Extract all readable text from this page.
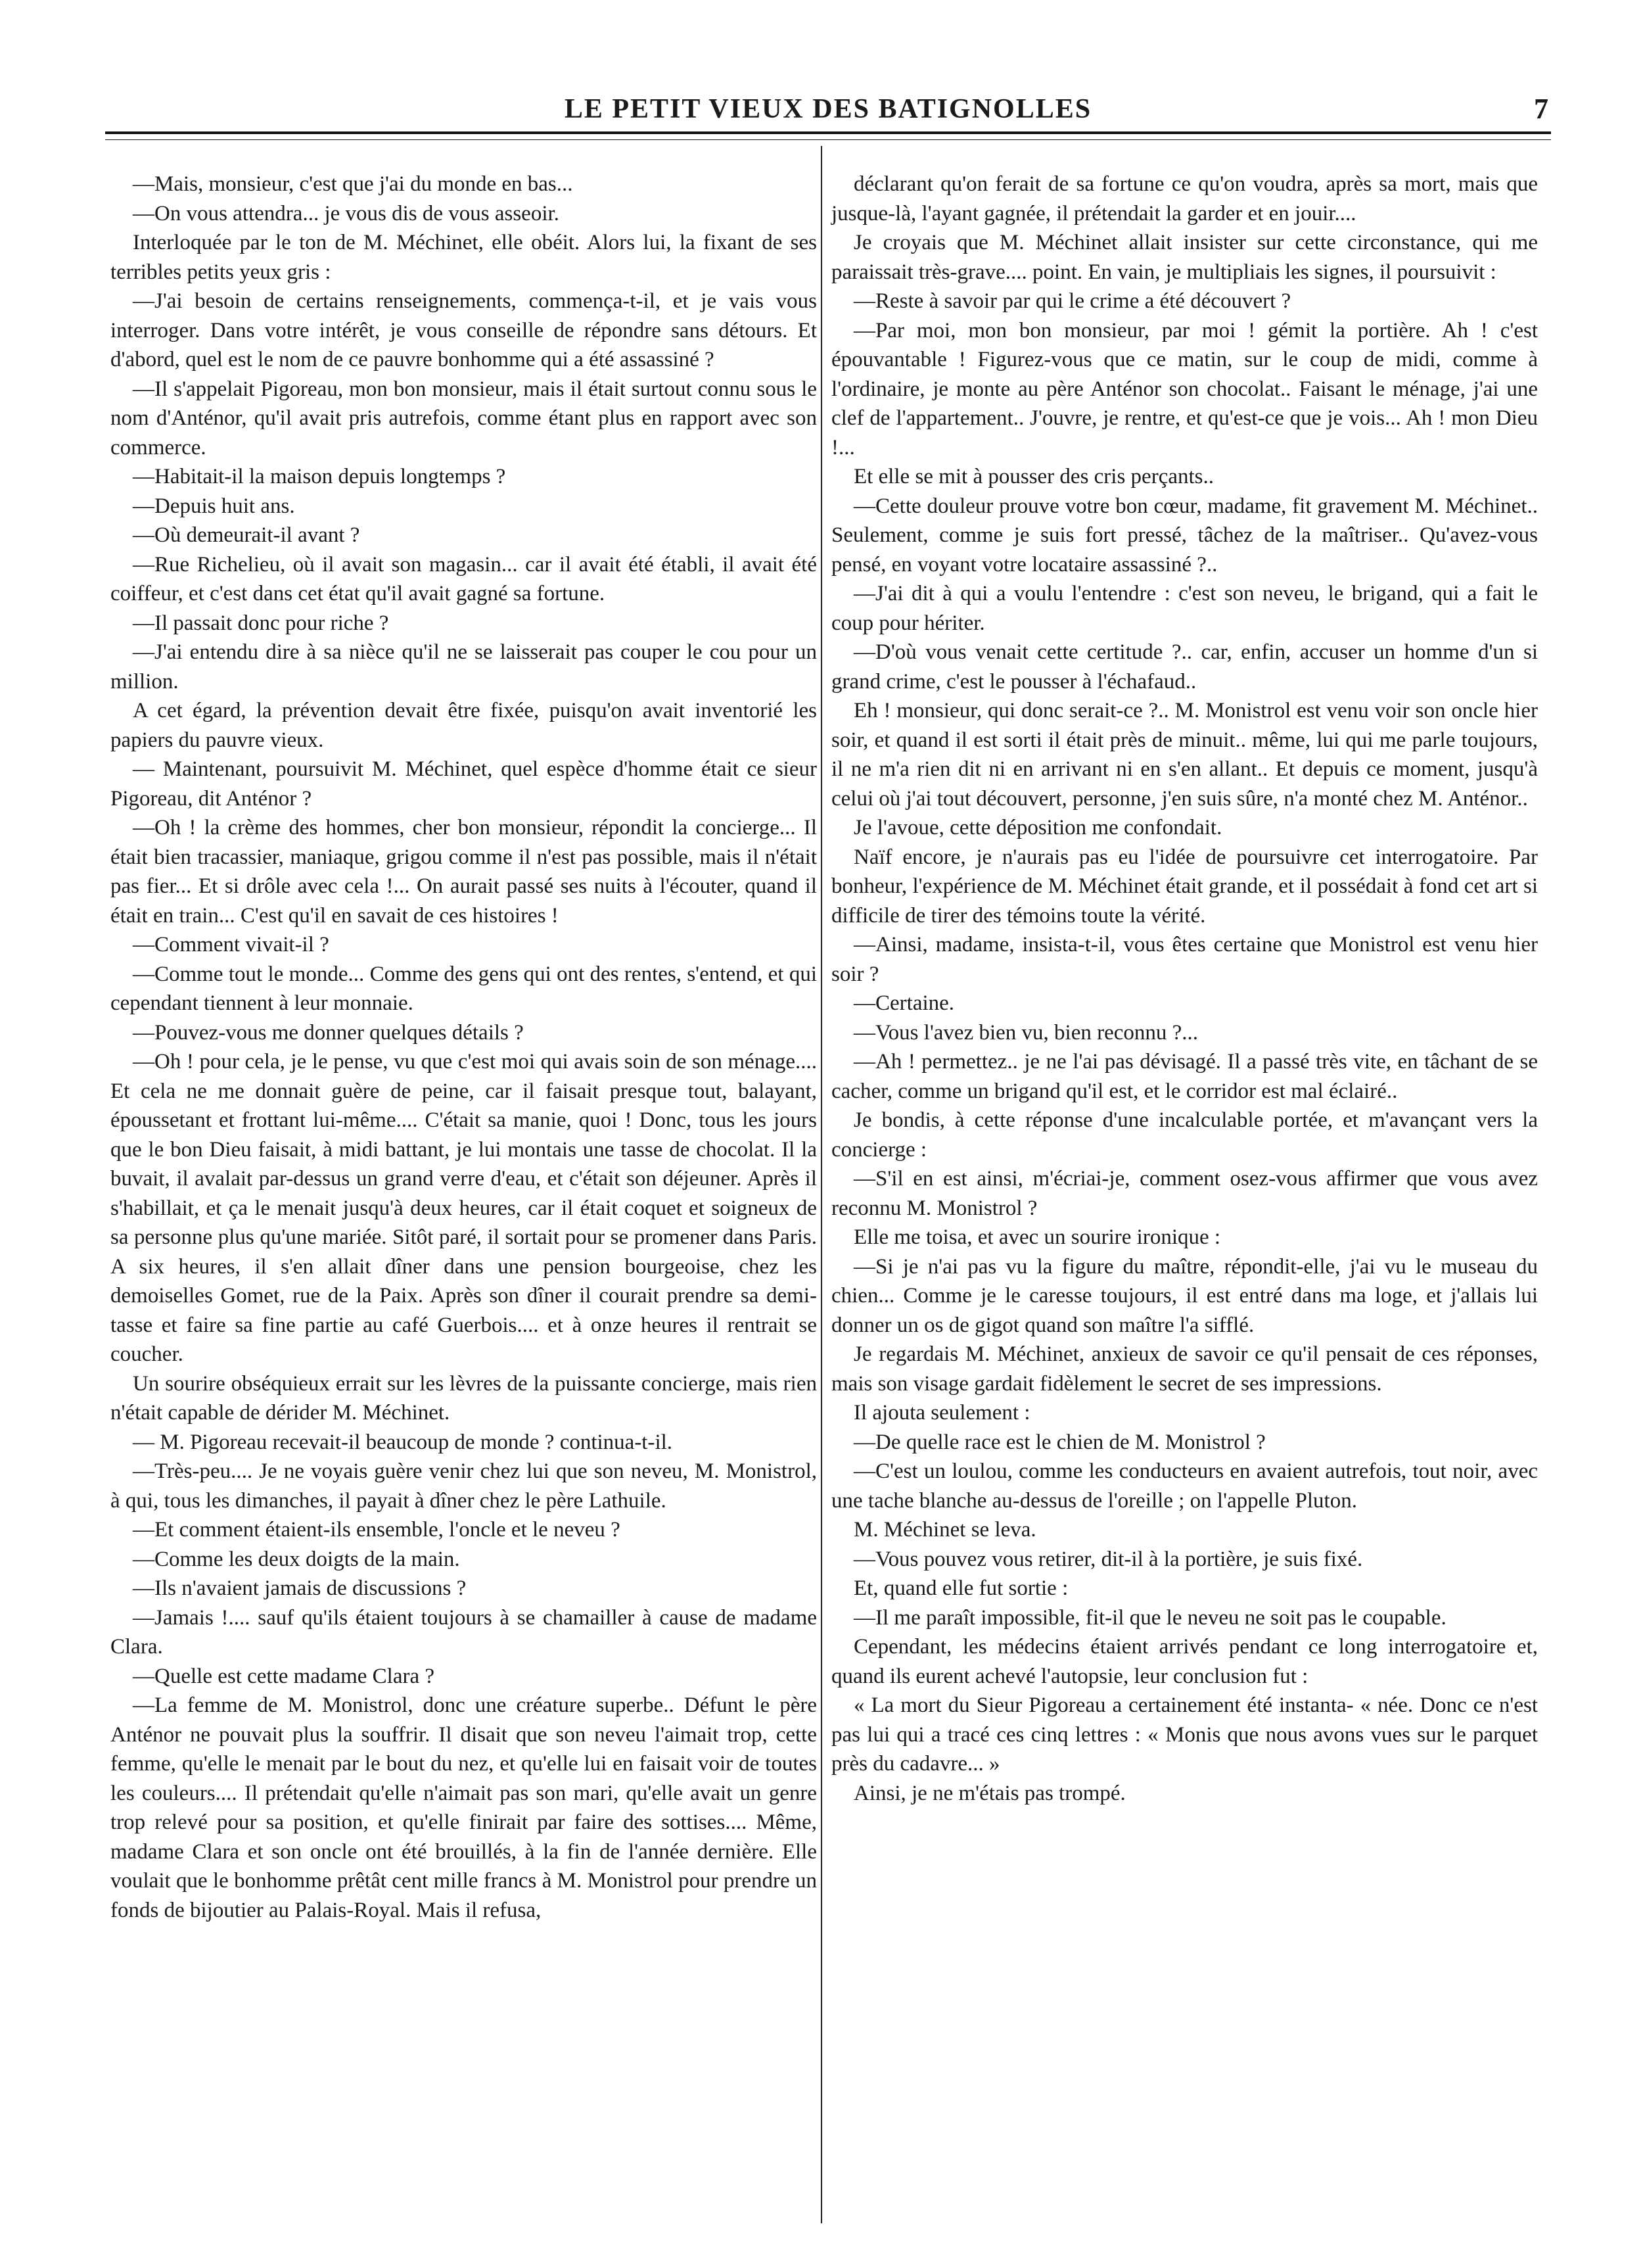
LE PETIT VIEUX DES BATIGNOLLES	7

—Mais, monsieur, c'est que j'ai du monde en bas...

—On vous attendra... je vous dis de vous asseoir.

Interloquée par le ton de M. Méchinet, elle obéit. Alors lui, la fixant de ses terribles petits yeux gris :

—J'ai besoin de certains renseignements, commença-t-il, et je vais vous interroger. Dans votre intérêt, je vous conseille de répondre sans détours. Et d'abord, quel est le nom de ce pauvre bonhomme qui a été assassiné ?

—Il s'appelait Pigoreau, mon bon monsieur, mais il était surtout connu sous le nom d'Anténor, qu'il avait pris autrefois, comme étant plus en rapport avec son commerce.

—Habitait-il la maison depuis longtemps ?

—Depuis huit ans.

—Où demeurait-il avant ?

—Rue Richelieu, où il avait son magasin... car il avait été établi, il avait été coiffeur, et c'est dans cet état qu'il avait gagné sa fortune.

—Il passait donc pour riche ?

—J'ai entendu dire à sa nièce qu'il ne se laisserait pas couper le cou pour un million.

A cet égard, la prévention devait être fixée, puisqu'on avait inventorié les papiers du pauvre vieux.

— Maintenant, poursuivit M. Méchinet, quel espèce d'homme était ce sieur Pigoreau, dit Anténor ?

—Oh ! la crème des hommes, cher bon monsieur, répondit la concierge... Il était bien tracassier, maniaque, grigou comme il n'est pas possible, mais il n'était pas fier... Et si drôle avec cela !... On aurait passé ses nuits à l'écouter, quand il était en train... C'est qu'il en savait de ces histoires !

—Comment vivait-il ?

—Comme tout le monde... Comme des gens qui ont des rentes, s'entend, et qui cependant tiennent à leur monnaie.

—Pouvez-vous me donner quelques détails ?

—Oh ! pour cela, je le pense, vu que c'est moi qui avais soin de son ménage.... Et cela ne me donnait guère de peine, car il faisait presque tout, balayant, époussetant et frottant lui-même.... C'était sa manie, quoi ! Donc, tous les jours que le bon Dieu faisait, à midi battant, je lui montais une tasse de chocolat. Il la buvait, il avalait par-dessus un grand verre d'eau, et c'était son déjeuner. Après il s'habillait, et ça le menait jusqu'à deux heures, car il était coquet et soigneux de sa personne plus qu'une mariée. Sitôt paré, il sortait pour se promener dans Paris. A six heures, il s'en allait dîner dans une pension bourgeoise, chez les demoiselles Gomet, rue de la Paix. Après son dîner il courait prendre sa demi-tasse et faire sa fine partie au café Guerbois.... et à onze heures il rentrait se coucher.

Un sourire obséquieux errait sur les lèvres de la puissante concierge, mais rien n'était capable de dérider M. Méchinet.

— M. Pigoreau recevait-il beaucoup de monde ? continua-t-il.

—Très-peu.... Je ne voyais guère venir chez lui que son neveu, M. Monistrol, à qui, tous les dimanches, il payait à dîner chez le père Lathuile.

—Et comment étaient-ils ensemble, l'oncle et le neveu ?

—Comme les deux doigts de la main.

—Ils n'avaient jamais de discussions ?

—Jamais !.... sauf qu'ils étaient toujours à se chamailler à cause de madame Clara.

—Quelle est cette madame Clara ?

—La femme de M. Monistrol, donc une créature superbe.. Défunt le père Anténor ne pouvait plus la souffrir. Il disait que son neveu l'aimait trop, cette femme, qu'elle le menait par le bout du nez, et qu'elle lui en faisait voir de toutes les couleurs.... Il prétendait qu'elle n'aimait pas son mari, qu'elle avait un genre trop relevé pour sa position, et qu'elle finirait par faire des sottises.... Même, madame Clara et son oncle ont été brouillés, à la fin de l'année dernière. Elle voulait que le bonhomme prêtât cent mille francs à M. Monistrol pour prendre un fonds de bijoutier au Palais-Royal. Mais il refusa,

déclarant qu'on ferait de sa fortune ce qu'on voudra, après sa mort, mais que jusque-là, l'ayant gagnée, il prétendait la garder et en jouir....

Je croyais que M. Méchinet allait insister sur cette circonstance, qui me paraissait très-grave.... point. En vain, je multipliais les signes, il poursuivit :

—Reste à savoir par qui le crime a été découvert ?

—Par moi, mon bon monsieur, par moi ! gémit la portière. Ah ! c'est épouvantable ! Figurez-vous que ce matin, sur le coup de midi, comme à l'ordinaire, je monte au père Anténor son chocolat.. Faisant le ménage, j'ai une clef de l'appartement.. J'ouvre, je rentre, et qu'est-ce que je vois... Ah ! mon Dieu !...

Et elle se mit à pousser des cris perçants..

—Cette douleur prouve votre bon cœur, madame, fit gravement M. Méchinet.. Seulement, comme je suis fort pressé, tâchez de la maîtriser.. Qu'avez-vous pensé, en voyant votre locataire assassiné ?..

—J'ai dit à qui a voulu l'entendre : c'est son neveu, le brigand, qui a fait le coup pour hériter.

—D'où vous venait cette certitude ?.. car, enfin, accuser un homme d'un si grand crime, c'est le pousser à l'échafaud..

Eh ! monsieur, qui donc serait-ce ?.. M. Monistrol est venu voir son oncle hier soir, et quand il est sorti il était près de minuit.. même, lui qui me parle toujours, il ne m'a rien dit ni en arrivant ni en s'en allant.. Et depuis ce moment, jusqu'à celui où j'ai tout découvert, personne, j'en suis sûre, n'a monté chez M. Anténor..

Je l'avoue, cette déposition me confondait.

Naïf encore, je n'aurais pas eu l'idée de poursuivre cet interrogatoire. Par bonheur, l'expérience de M. Méchinet était grande, et il possédait à fond cet art si difficile de tirer des témoins toute la vérité.

—Ainsi, madame, insista-t-il, vous êtes certaine que Monistrol est venu hier soir ?

—Certaine.

—Vous l'avez bien vu, bien reconnu ?...

—Ah ! permettez.. je ne l'ai pas dévisagé. Il a passé très vite, en tâchant de se cacher, comme un brigand qu'il est, et le corridor est mal éclairé..

Je bondis, à cette réponse d'une incalculable portée, et m'avançant vers la concierge :

—S'il en est ainsi, m'écriai-je, comment osez-vous affirmer que vous avez reconnu M. Monistrol ?

Elle me toisa, et avec un sourire ironique :

—Si je n'ai pas vu la figure du maître, répondit-elle, j'ai vu le museau du chien... Comme je le caresse toujours, il est entré dans ma loge, et j'allais lui donner un os de gigot quand son maître l'a sifflé.

Je regardais M. Méchinet, anxieux de savoir ce qu'il pensait de ces réponses, mais son visage gardait fidèlement le secret de ses impressions.

Il ajouta seulement :

—De quelle race est le chien de M. Monistrol ?

—C'est un loulou, comme les conducteurs en avaient autrefois, tout noir, avec une tache blanche au-dessus de l'oreille ; on l'appelle Pluton.

M. Méchinet se leva.

—Vous pouvez vous retirer, dit-il à la portière, je suis fixé.

Et, quand elle fut sortie :

—Il me paraît impossible, fit-il que le neveu ne soit pas le coupable.

Cependant, les médecins étaient arrivés pendant ce long interrogatoire et, quand ils eurent achevé l'autopsie, leur conclusion fut :

« La mort du Sieur Pigoreau a certainement été instanta- « née. Donc ce n'est pas lui qui a tracé ces cinq lettres : « Monis que nous avons vues sur le parquet près du cadavre... »

Ainsi, je ne m'étais pas trompé.
